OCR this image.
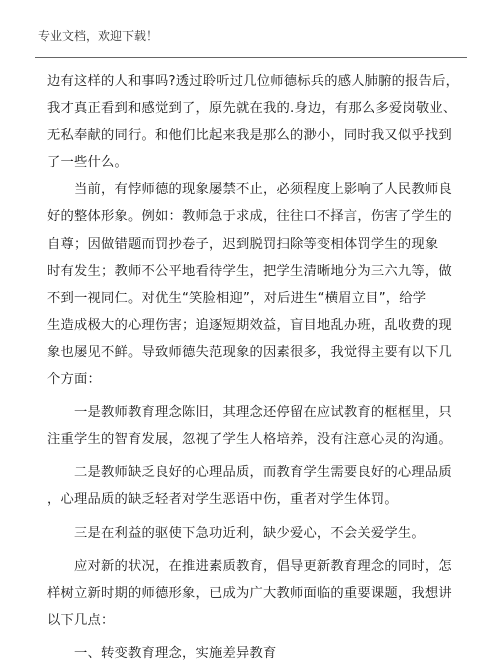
专业文档，欢迎下载！

边有这样的人和事吗?透过聆听过几位师德标兵的感人肺腑的报告后，
我才真正看到和感觉到了，原先就在我的.身边，有那么多爱岗敬业、
无私奉献的同行。和他们比起来我是那么的渺小，同时我又似乎找到
了一些什么。

　　当前，有悖师德的现象屡禁不止，必须程度上影响了人民教师良
好的整体形象。例如：教师急于求成，往往口不择言，伤害了学生的
自尊；因做错题而罚抄卷子，迟到脱罚扫除等变相体罚学生的现象
时有发生；教师不公平地看待学生，把学生清晰地分为三六九等，做
不到一视同仁。对优生“笑脸相迎”，对后进生“横眉立目”，给学
生造成极大的心理伤害；追逐短期效益，盲目地乱办班，乱收费的现
象也屡见不鲜。导致师德失范现象的因素很多，我觉得主要有以下几
个方面：

　　一是教师教育理念陈旧，其理念还停留在应试教育的框框里，只
注重学生的智育发展，忽视了学生人格培养，没有注意心灵的沟通。

　　二是教师缺乏良好的心理品质，而教育学生需要良好的心理品质
，心理品质的缺乏轻者对学生恶语中伤，重者对学生体罚。

　　三是在利益的驱使下急功近利，缺少爱心，不会关爱学生。

　　应对新的状况，在推进素质教育，倡导更新教育理念的同时，怎
样树立新时期的师德形象，已成为广大教师面临的重要课题，我想讲
以下几点：

　　一、转变教育理念，实施差异教育
